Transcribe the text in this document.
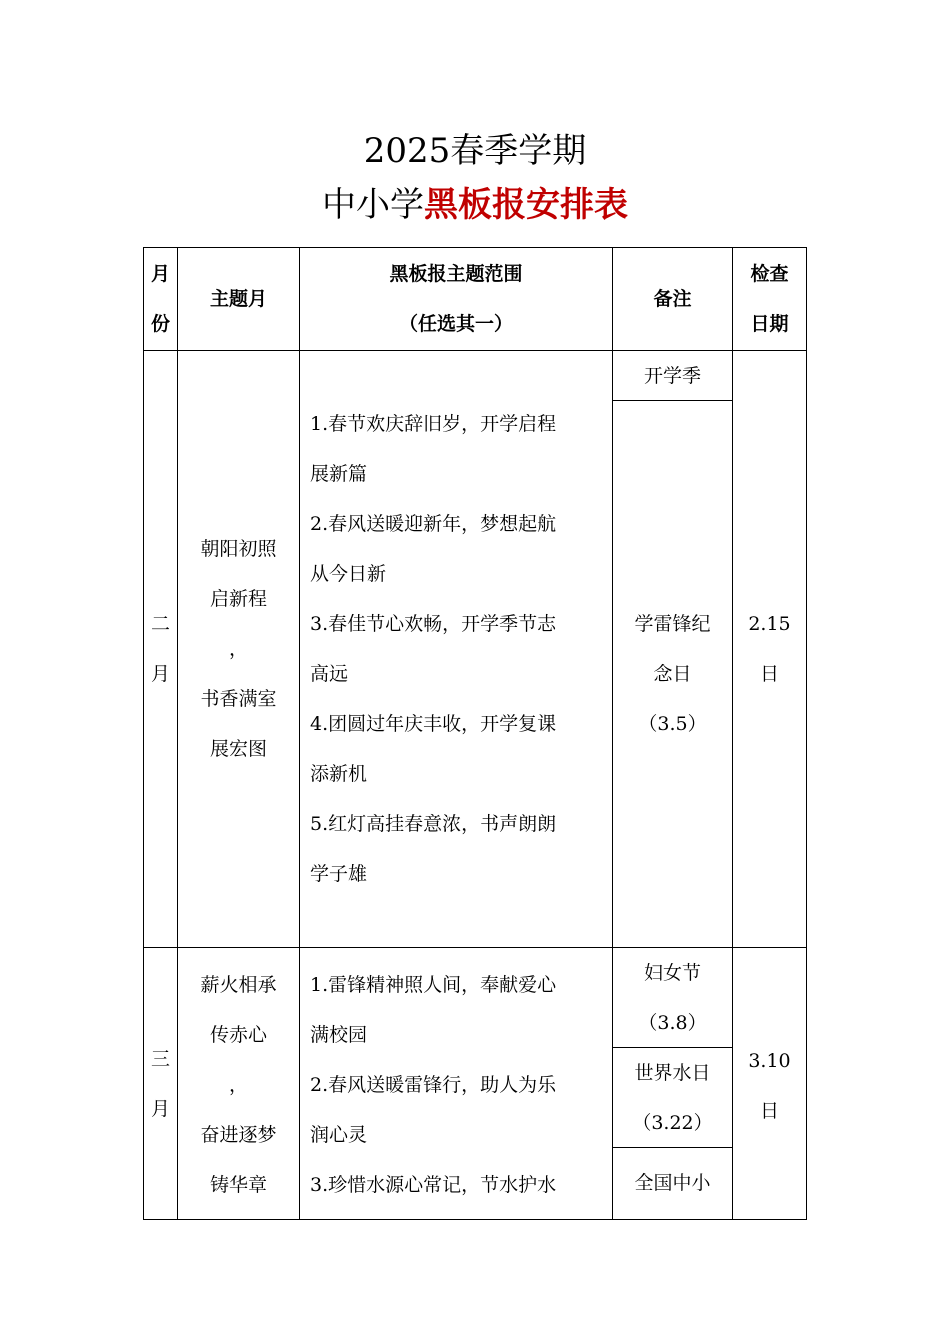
2025春季学期
中小学黑板报安排表
月
份
主题月
黑板报主题范围
（任选其一）
备注
检查
日期
二
月
朝阳初照
启新程
，
书香满室
展宏图
1.春节欢庆辞旧岁，开学启程
展新篇
2.春风送暖迎新年，梦想起航
从今日新
3.春佳节心欢畅，开学季节志
高远
4.团圆过年庆丰收，开学复课
添新机
5.红灯高挂春意浓，书声朗朗
学子雄
开学季
学雷锋纪
念日
（3.5）
2.15
日
三
月
薪火相承
传赤心
，
奋进逐梦
铸华章
1.雷锋精神照人间，奉献爱心
满校园
2.春风送暖雷锋行，助人为乐
润心灵
3.珍惜水源心常记，节水护水
妇女节
（3.8）
世界水日
（3.22）
全国中小
3.10
日
